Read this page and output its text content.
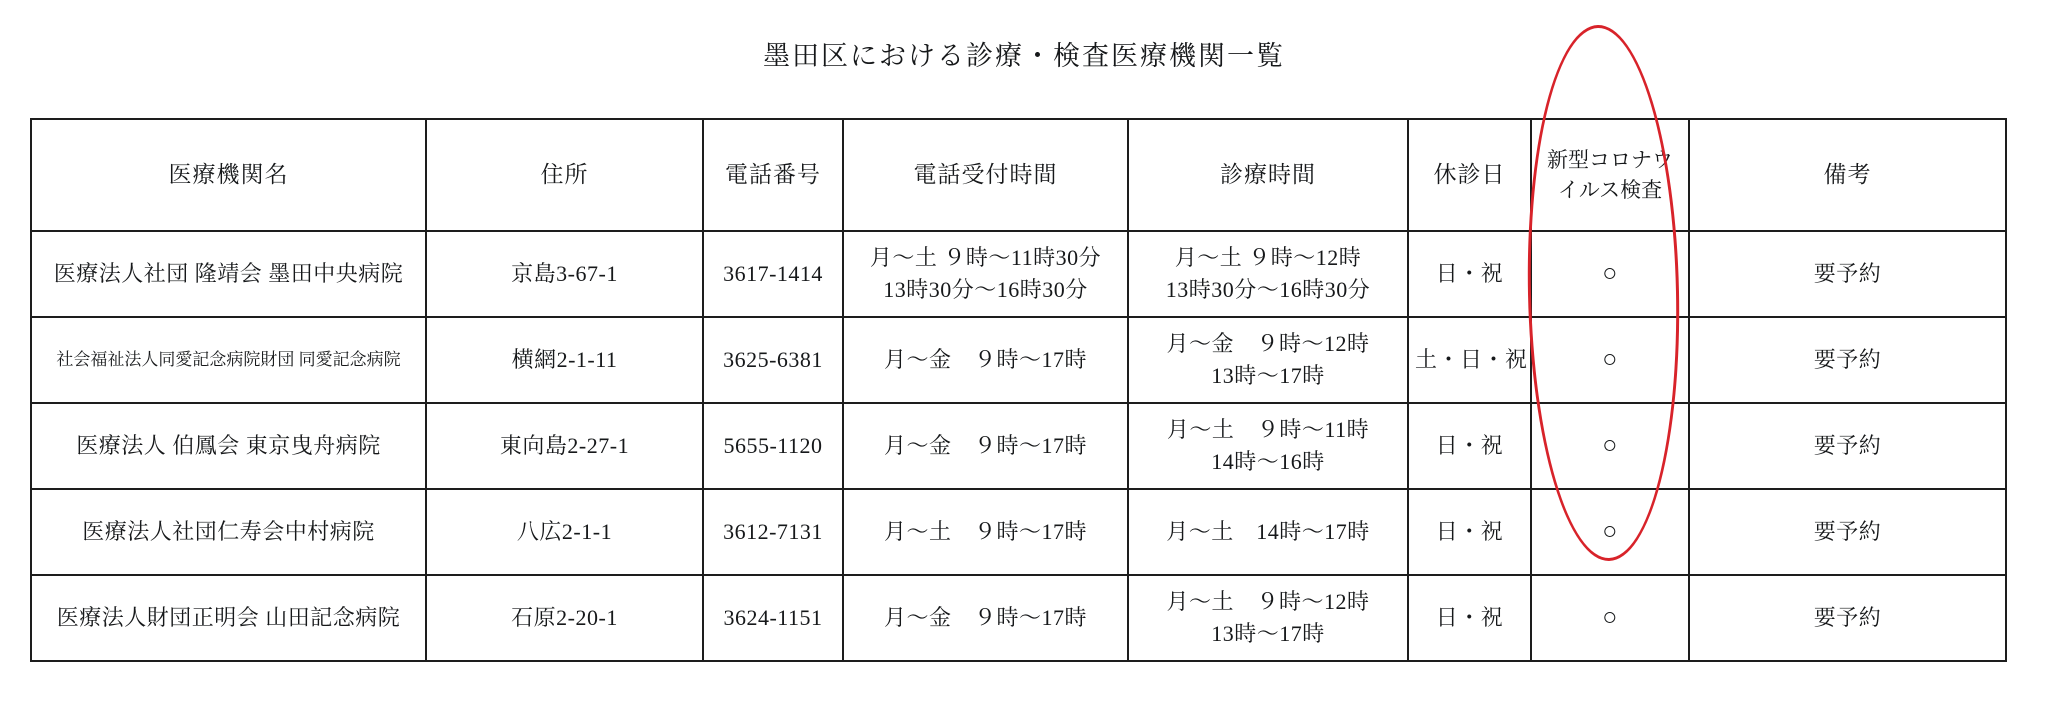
墨田区における診療・検査医療機関一覧
医療機関名	住所	電話番号	電話受付時間	診療時間	休診日	新型コロナウ イルス検査	備考
医療法人社団 隆靖会 墨田中央病院	京島3-67-1	3617-1414	月〜土 ９時〜11時30分
13時30分〜16時30分	月〜土 ９時〜12時
13時30分〜16時30分	日・祝	○	要予約
社会福祉法人同愛記念病院財団 同愛記念病院	横網2-1-11	3625-6381	月〜金　９時〜17時	月〜金　９時〜12時
13時〜17時	土・日・祝	○	要予約
医療法人 伯鳳会 東京曳舟病院	東向島2-27-1	5655-1120	月〜金　９時〜17時	月〜土　９時〜11時
14時〜16時	日・祝	○	要予約
医療法人社団仁寿会中村病院	八広2-1-1	3612-7131	月〜土　９時〜17時	月〜土　14時〜17時	日・祝	○	要予約
医療法人財団正明会 山田記念病院	石原2-20-1	3624-1151	月〜金　９時〜17時	月〜土　９時〜12時
13時〜17時	日・祝	○	要予約
